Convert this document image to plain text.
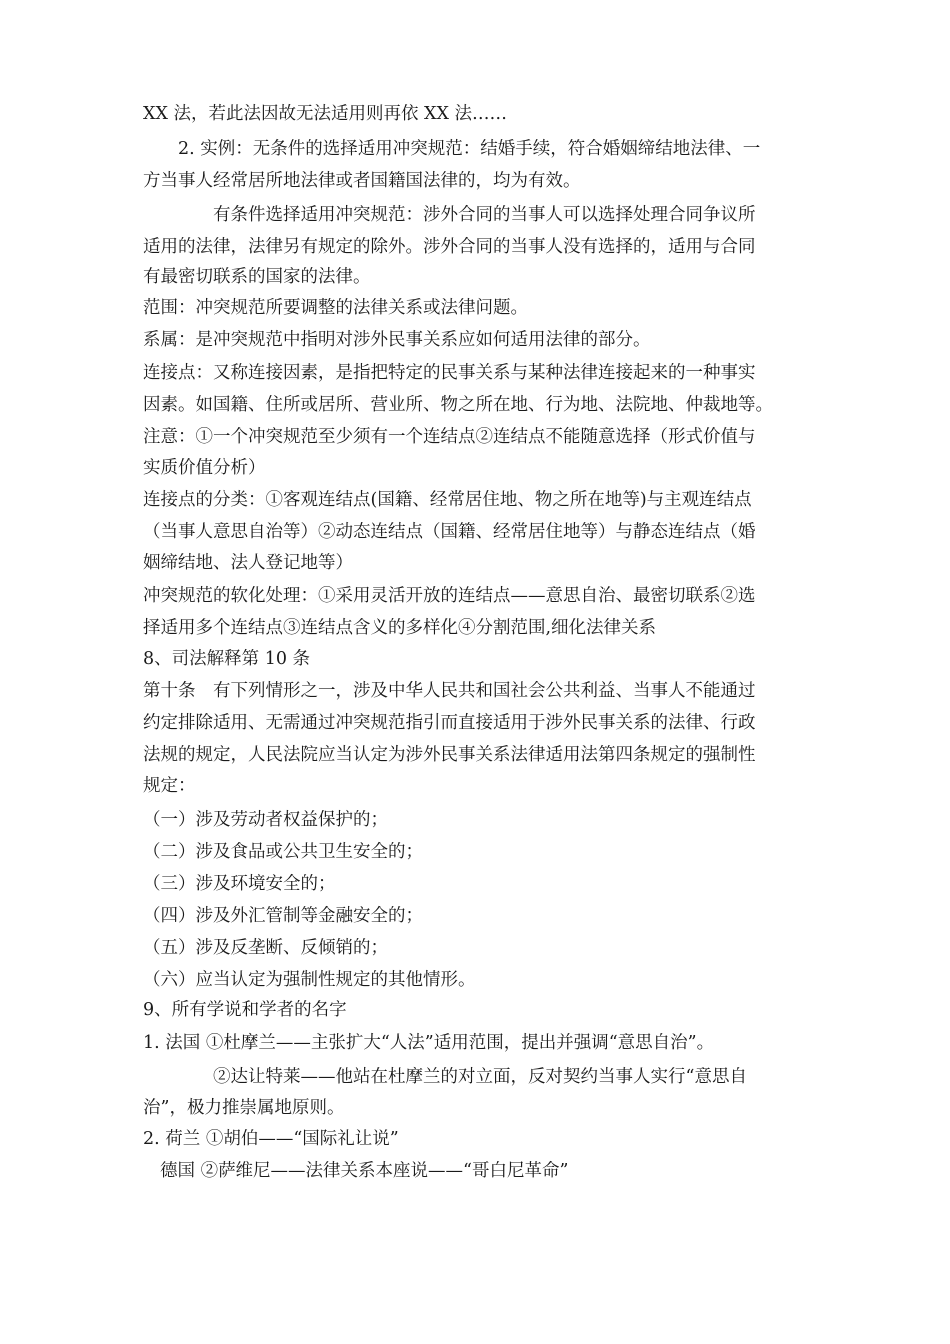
XX 法，若此法因故无法适用则再依 XX 法……
2. 实例：无条件的选择适用冲突规范：结婚手续，符合婚姻缔结地法律、一
方当事人经常居所地法律或者国籍国法律的，均为有效。
有条件选择适用冲突规范：涉外合同的当事人可以选择处理合同争议所
适用的法律，法律另有规定的除外。涉外合同的当事人没有选择的，适用与合同
有最密切联系的国家的法律。
范围：冲突规范所要调整的法律关系或法律问题。
系属：是冲突规范中指明对涉外民事关系应如何适用法律的部分。
连接点：又称连接因素，是指把特定的民事关系与某种法律连接起来的一种事实
因素。如国籍、住所或居所、营业所、物之所在地、行为地、法院地、仲裁地等。
注意：①一个冲突规范至少须有一个连结点②连结点不能随意选择（形式价值与
实质价值分析）
连接点的分类：①客观连结点(国籍、经常居住地、物之所在地等)与主观连结点
（当事人意思自治等）②动态连结点（国籍、经常居住地等）与静态连结点（婚
姻缔结地、法人登记地等）
冲突规范的软化处理：①采用灵活开放的连结点——意思自治、最密切联系②选
择适用多个连结点③连结点含义的多样化④分割范围,细化法律关系
8、司法解释第 10 条
第十条　有下列情形之一，涉及中华人民共和国社会公共利益、当事人不能通过
约定排除适用、无需通过冲突规范指引而直接适用于涉外民事关系的法律、行政
法规的规定，人民法院应当认定为涉外民事关系法律适用法第四条规定的强制性
规定：
（一）涉及劳动者权益保护的；
（二）涉及食品或公共卫生安全的；
（三）涉及环境安全的；
（四）涉及外汇管制等金融安全的；
（五）涉及反垄断、反倾销的；
（六）应当认定为强制性规定的其他情形。
9、所有学说和学者的名字
1. 法国 ①杜摩兰——主张扩大“人法”适用范围，提出并强调“意思自治”。
②达让特莱——他站在杜摩兰的对立面，反对契约当事人实行“意思自
治”，极力推崇属地原则。
2. 荷兰 ①胡伯——“国际礼让说”
德国 ②萨维尼——法律关系本座说——“哥白尼革命”
